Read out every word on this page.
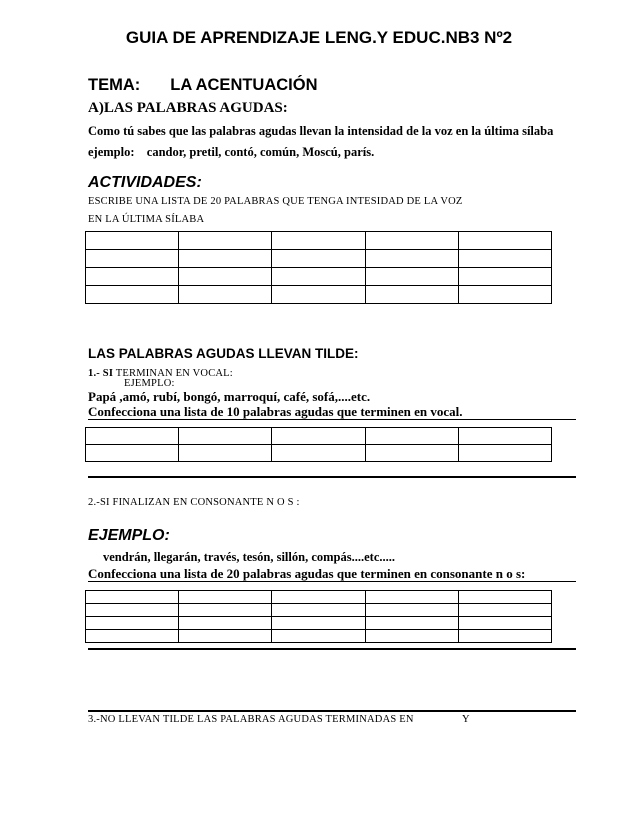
GUIA DE APRENDIZAJE LENG.Y EDUC.NB3 Nº2
TEMA: LA ACENTUACIÓN
A)LAS PALABRAS AGUDAS:
Como tú sabes que las palabras agudas llevan la intensidad de la voz en la última sílaba
ejemplo: candor, pretil, contó, común, Moscú, parís.
ACTIVIDADES:
ESCRIBE UNA LISTA DE 20 PALABRAS QUE TENGA INTESIDAD DE LA VOZ
EN LA ÚLTIMA SÍLABA

LAS PALABRAS AGUDAS LLEVAN TILDE:
1.- SI TERMINAN EN VOCAL:
EJEMPLO:
Papá ,amó, rubí, bongó, marroquí, café, sofá,....etc.
Confecciona una lista de 10 palabras agudas que terminen en vocal.

2.-SI FINALIZAN EN CONSONANTE N O S :
EJEMPLO:
vendrán, llegarán, través, tesón, sillón, compás....etc.....
Confecciona una lista de 20 palabras agudas que terminen en consonante n o s:

3.-NO LLEVAN TILDE LAS PALABRAS AGUDAS TERMINADAS EN	Y
